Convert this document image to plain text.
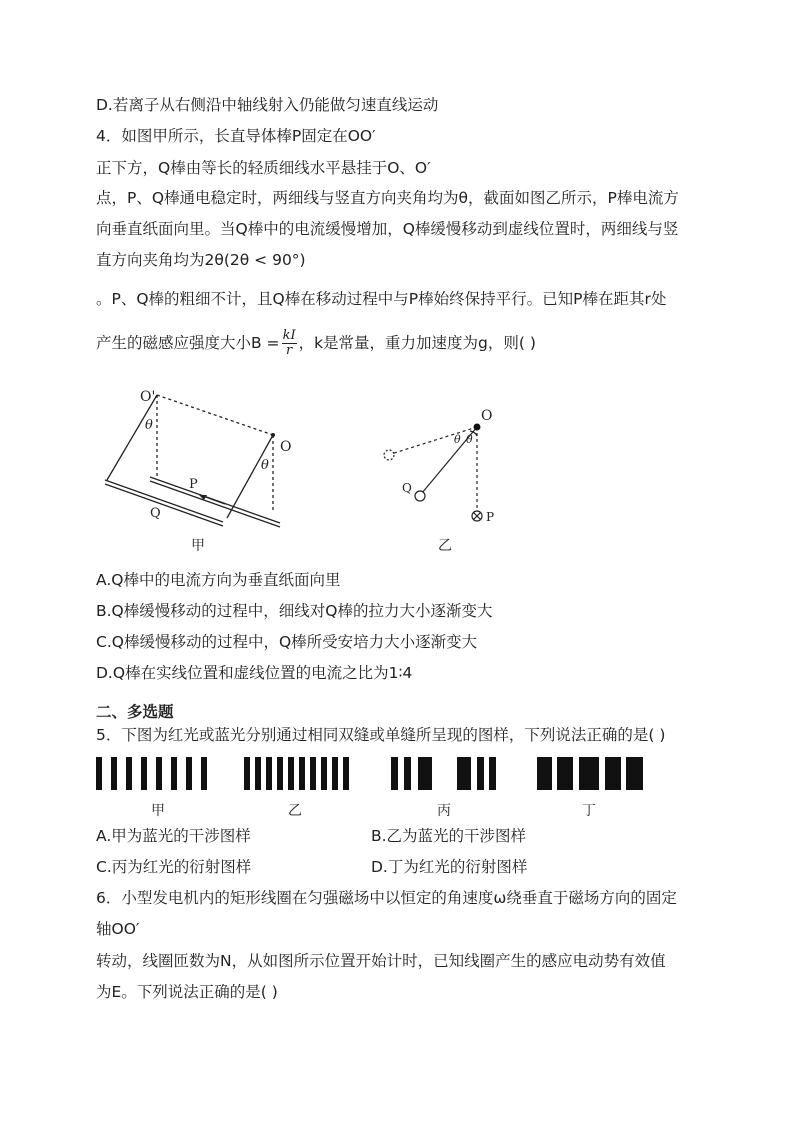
D.若离子从右侧沿中轴线射入仍能做匀速直线运动
4．如图甲所示，长直导体棒P固定在OO′
正下方，Q棒由等长的轻质细线水平悬挂于O、O′
点，P、Q棒通电稳定时，两细线与竖直方向夹角均为θ，截面如图乙所示，P棒电流方
向垂直纸面向里。当Q棒中的电流缓慢增加，Q棒缓慢移动到虚线位置时，两细线与竖
直方向夹角均为2θ(2θ < 90°)
。P、Q棒的粗细不计，且Q棒在移动过程中与P棒始终保持平行。已知P棒在距其r处
产生的磁感应强度大小$B = \frac{kI}{r}$ ，k是常量，重力加速度为g，则( )
O'
O
θ
θ
P
Q
甲
O
θ θ
Q
P
乙
A.Q棒中的电流方向为垂直纸面向里
B.Q棒缓慢移动的过程中，细线对Q棒的拉力大小逐渐变大
C.Q棒缓慢移动的过程中，Q棒所受安培力大小逐渐变大
D.Q棒在实线位置和虚线位置的电流之比为1∶4
二、多选题
5．下图为红光或蓝光分别通过相同双缝或单缝所呈现的图样，下列说法正确的是( )
甲	乙	丙	丁
A.甲为蓝光的干涉图样	B.乙为蓝光的干涉图样
C.丙为红光的衍射图样	D.丁为红光的衍射图样
6．小型发电机内的矩形线圈在匀强磁场中以恒定的角速度ω绕垂直于磁场方向的固定
轴OO′
转动，线圈匝数为N，从如图所示位置开始计时，已知线圈产生的感应电动势有效值
为E。下列说法正确的是( )
